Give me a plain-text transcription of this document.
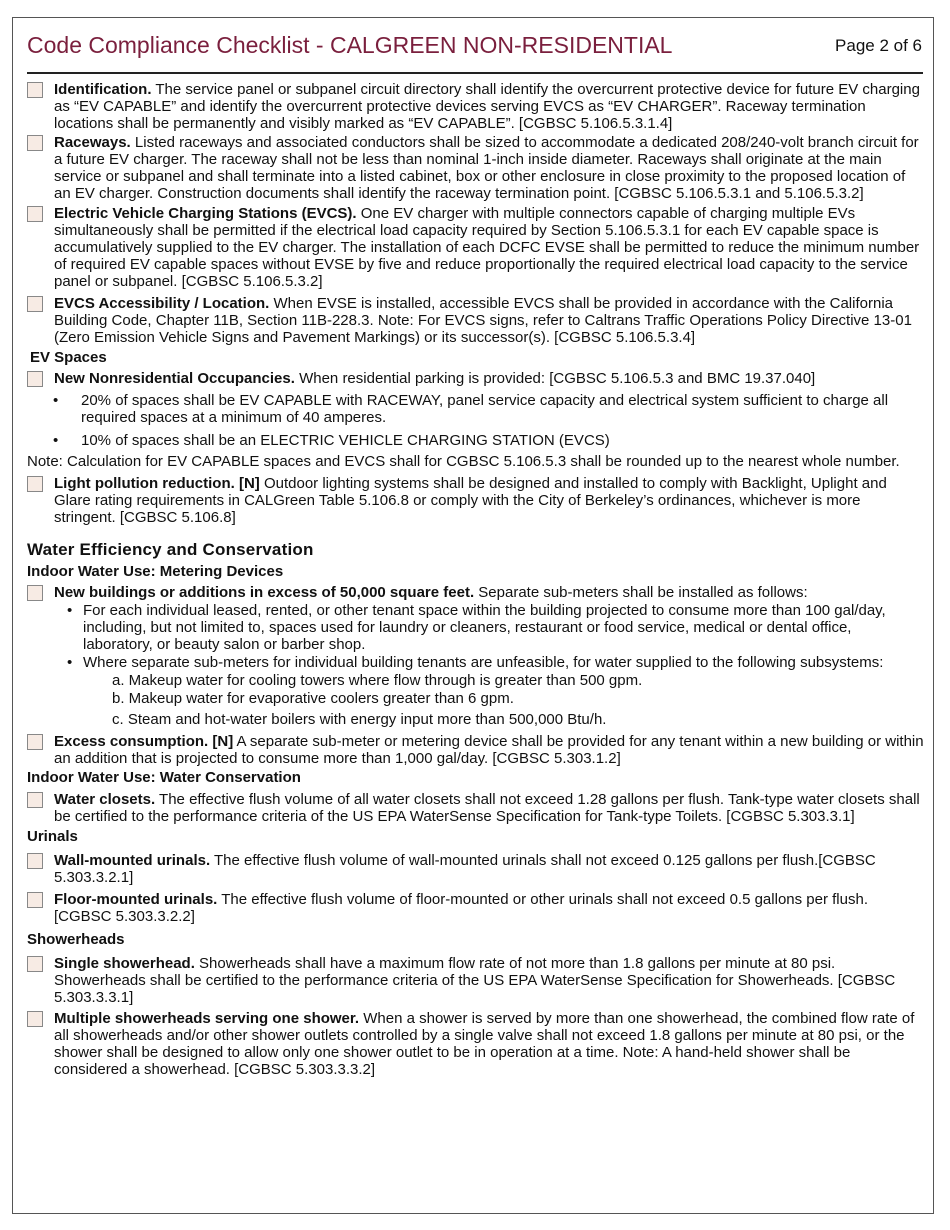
Code Compliance Checklist - CALGREEN NON-RESIDENTIAL	Page 2 of 6
Identification. The service panel or subpanel circuit directory shall identify the overcurrent protective device for future EV charging as “EV CAPABLE” and identify the overcurrent protective devices serving EVCS as “EV CHARGER”. Raceway termination locations shall be permanently and visibly marked as “EV CAPABLE”. [CGBSC 5.106.5.3.1.4]
Raceways. Listed raceways and associated conductors shall be sized to accommodate a dedicated 208/240-volt branch circuit for a future EV charger. The raceway shall not be less than nominal 1-inch inside diameter. Raceways shall originate at the main service or subpanel and shall terminate into a listed cabinet, box or other enclosure in close proximity to the proposed location of an EV charger. Construction documents shall identify the raceway termination point. [CGBSC 5.106.5.3.1 and 5.106.5.3.2]
Electric Vehicle Charging Stations (EVCS). One EV charger with multiple connectors capable of charging multiple EVs simultaneously shall be permitted if the electrical load capacity required by Section 5.106.5.3.1 for each EV capable space is accumulatively supplied to the EV charger. The installation of each DCFC EVSE shall be permitted to reduce the minimum number of required EV capable spaces without EVSE by five and reduce proportionally the required electrical load capacity to the service panel or subpanel. [CGBSC 5.106.5.3.2]
EVCS Accessibility / Location. When EVSE is installed, accessible EVCS shall be provided in accordance with the California Building Code, Chapter 11B, Section 11B-228.3. Note: For EVCS signs, refer to Caltrans Traffic Operations Policy Directive 13-01 (Zero Emission Vehicle Signs and Pavement Markings) or its successor(s). [CGBSC 5.106.5.3.4]
EV Spaces
New Nonresidential Occupancies. When residential parking is provided: [CGBSC 5.106.5.3 and BMC 19.37.040]
•	20% of spaces shall be EV CAPABLE with RACEWAY, panel service capacity and electrical system sufficient to charge all required spaces at a minimum of 40 amperes.
•	10% of spaces shall be an ELECTRIC VEHICLE CHARGING STATION (EVCS)
Note: Calculation for EV CAPABLE spaces and EVCS shall for CGBSC 5.106.5.3 shall be rounded up to the nearest whole number.
Light pollution reduction. [N] Outdoor lighting systems shall be designed and installed to comply with Backlight, Uplight and Glare rating requirements in CALGreen Table 5.106.8 or comply with the City of Berkeley’s ordinances, whichever is more stringent. [CGBSC 5.106.8]
Water Efficiency and Conservation
Indoor Water Use: Metering Devices
New buildings or additions in excess of 50,000 square feet. Separate sub-meters shall be installed as follows:
• For each individual leased, rented, or other tenant space within the building projected to consume more than 100 gal/day, including, but not limited to, spaces used for laundry or cleaners, restaurant or food service, medical or dental office, laboratory, or beauty salon or barber shop.
• Where separate sub-meters for individual building tenants are unfeasible, for water supplied to the following subsystems:
a. Makeup water for cooling towers where flow through is greater than 500 gpm.
b. Makeup water for evaporative coolers greater than 6 gpm.
c. Steam and hot-water boilers with energy input more than 500,000 Btu/h.
Excess consumption. [N] A separate sub-meter or metering device shall be provided for any tenant within a new building or within an addition that is projected to consume more than 1,000 gal/day. [CGBSC 5.303.1.2]
Indoor Water Use: Water Conservation
Water closets. The effective flush volume of all water closets shall not exceed 1.28 gallons per flush. Tank-type water closets shall be certified to the performance criteria of the US EPA WaterSense Specification for Tank-type Toilets. [CGBSC 5.303.3.1]
Urinals
Wall-mounted urinals. The effective flush volume of wall-mounted urinals shall not exceed 0.125 gallons per flush.[CGBSC 5.303.3.2.1]
Floor-mounted urinals. The effective flush volume of floor-mounted or other urinals shall not exceed 0.5 gallons per flush. [CGBSC 5.303.3.2.2]
Showerheads
Single showerhead. Showerheads shall have a maximum flow rate of not more than 1.8 gallons per minute at 80 psi. Showerheads shall be certified to the performance criteria of the US EPA WaterSense Specification for Showerheads. [CGBSC 5.303.3.3.1]
Multiple showerheads serving one shower. When a shower is served by more than one showerhead, the combined flow rate of all showerheads and/or other shower outlets controlled by a single valve shall not exceed 1.8 gallons per minute at 80 psi, or the shower shall be designed to allow only one shower outlet to be in operation at a time. Note: A hand-held shower shall be considered a showerhead. [CGBSC 5.303.3.3.2]
